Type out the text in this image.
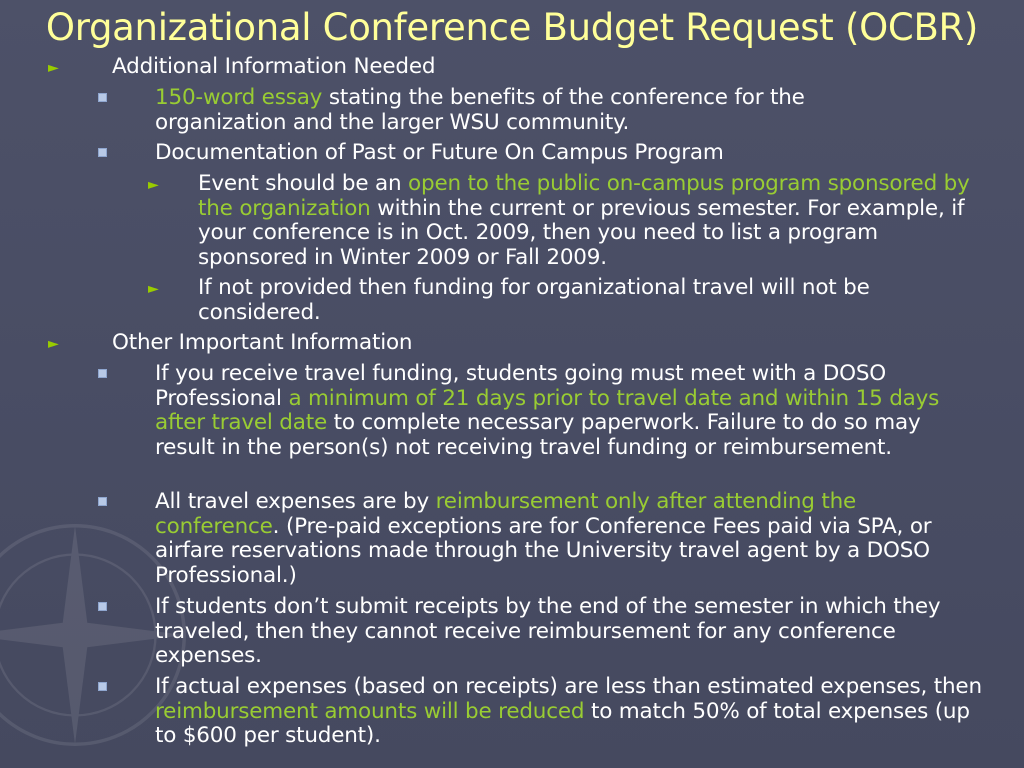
Organizational Conference Budget Request (OCBR)
► Additional Information Needed
150-word essay stating the benefits of the conference for the organization and the larger WSU community.
Documentation of Past or Future On Campus Program
► Event should be an open to the public on-campus program sponsored by the organization within the current or previous semester. For example, if your conference is in Oct. 2009, then you need to list a program sponsored in Winter 2009 or Fall 2009.
► If not provided then funding for organizational travel will not be considered.
► Other Important Information
If you receive travel funding, students going must meet with a DOSO Professional a minimum of 21 days prior to travel date and within 15 days after travel date to complete necessary paperwork. Failure to do so may result in the person(s) not receiving travel funding or reimbursement.
All travel expenses are by reimbursement only after attending the conference. (Pre-paid exceptions are for Conference Fees paid via SPA, or airfare reservations made through the University travel agent by a DOSO Professional.)
If students don’t submit receipts by the end of the semester in which they traveled, then they cannot receive reimbursement for any conference expenses.
If actual expenses (based on receipts) are less than estimated expenses, then reimbursement amounts will be reduced to match 50% of total expenses (up to $600 per student).
